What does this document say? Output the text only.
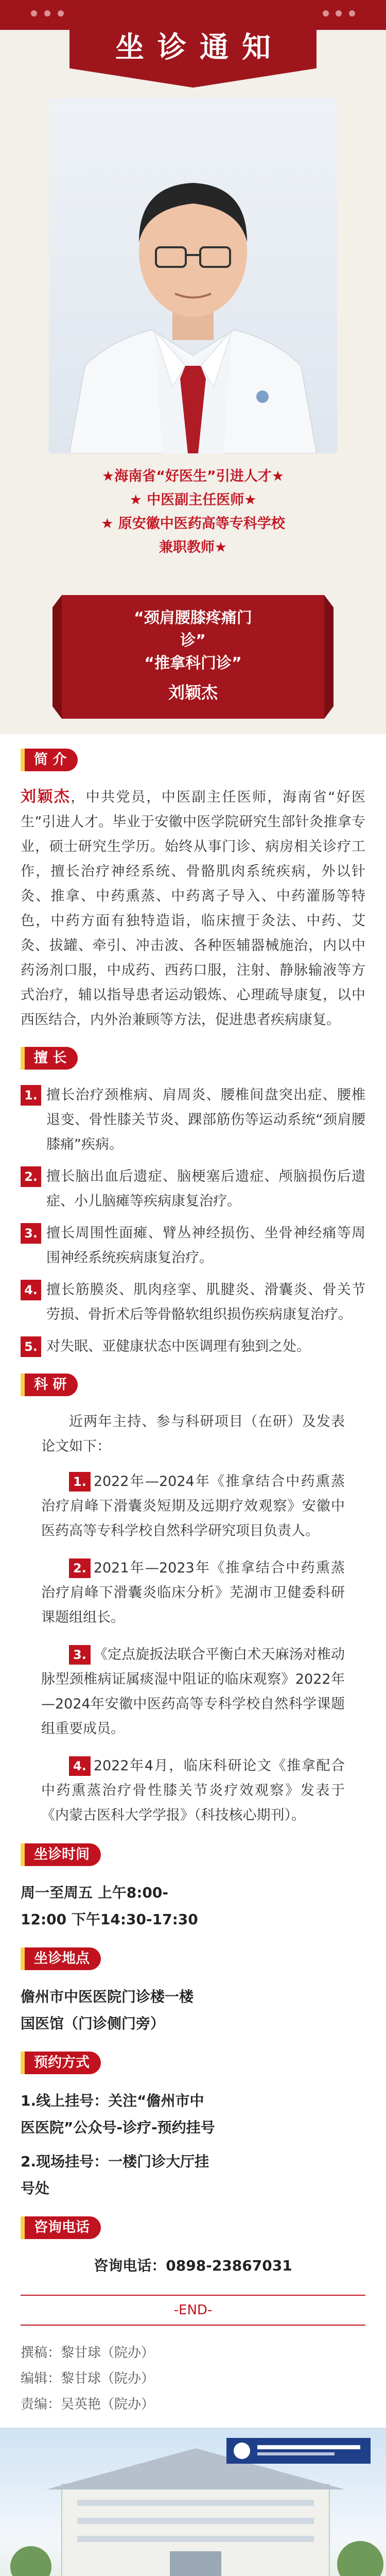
坐诊通知

★海南省“好医生”引进人才★

★ 中医副主任医师★

★ 原安徽中医药高等专科学校

兼职教师★

“颈肩腰膝疼痛门
诊”
“推拿科门诊”
刘颖杰
简 介

刘颖杰，中共党员，中医副主任医师，海南省“好医生”引进人才。毕业于安徽中医学院研究生部针灸推拿专业，硕士研究生学历。始终从事门诊、病房相关诊疗工作，擅长治疗神经系统、骨骼肌肉系统疾病，外以针灸、推拿、中药熏蒸、中药离子导入、中药灌肠等特色，中药方面有独特造诣，临床擅于灸法、中药、艾灸、拔罐、牵引、冲击波、各种医辅器械施治，内以中药汤剂口服，中成药、西药口服，注射、静脉输液等方式治疗，辅以指导患者运动锻炼、心理疏导康复，以中西医结合，内外治兼顾等方法，促进患者疾病康复。

擅 长
1. 擅长治疗颈椎病、肩周炎、腰椎间盘突出症、腰椎退变、骨性膝关节炎、踝部筋伤等运动系统“颈肩腰膝痛”疾病。
2. 擅长脑出血后遗症、脑梗塞后遗症、颅脑损伤后遗症、小儿脑瘫等疾病康复治疗。
3. 擅长周围性面瘫、臂丛神经损伤、坐骨神经痛等周围神经系统疾病康复治疗。
4. 擅长筋膜炎、肌肉痉挛、肌腱炎、滑囊炎、骨关节劳损、骨折术后等骨骼软组织损伤疾病康复治疗。
5. 对失眠、亚健康状态中医调理有独到之处。
科 研

近两年主持、参与科研项目（在研）及发表论文如下：

1. 2022年—2024年《推拿结合中药熏蒸治疗肩峰下滑囊炎短期及远期疗效观察》安徽中医药高等专科学校自然科学研究项目负责人。

2. 2021年—2023年《推拿结合中药熏蒸治疗肩峰下滑囊炎临床分析》芜湖市卫健委科研课题组组长。

3. 《定点旋扳法联合平衡白术天麻汤对椎动脉型颈椎病证属痰湿中阻证的临床观察》2022年—2024年安徽中医药高等专科学校自然科学课题组重要成员。

4. 2022年4月，临床科研论文《推拿配合中药熏蒸治疗骨性膝关节炎疗效观察》发表于《内蒙古医科大学学报》（科技核心期刊）。

坐诊时间

周一至周五 上午8:00-

12:00 下午14:30-17:30

坐诊地点

儋州市中医医院门诊楼一楼

国医馆（门诊侧门旁）

预约方式

1.线上挂号：关注“儋州市中

医医院”公众号-诊疗-预约挂号

2.现场挂号：一楼门诊大厅挂

号处

咨询电话

咨询电话：0898-23867031

-END-

撰稿：黎甘球（院办）

编辑：黎甘球（院办）

责编：吴英艳（院办）
